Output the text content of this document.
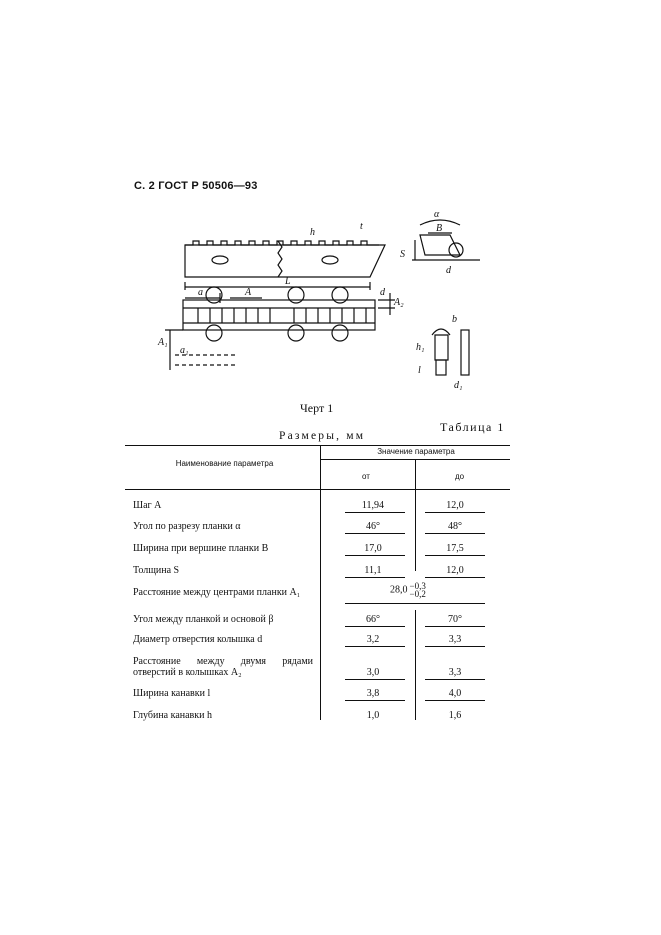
С. 2 ГОСТ Р 50506—93
h
t
L
a	A
A₁
a₁
d
A₂
α
B
S
d
b
h₁
l
d₁
Черт 1
Таблица 1
Размеры, мм
Наименование параметра
Значение параметра
от	до
Шаг A	11,94	12,0
Угол по разрезу планки α	46°	48°
Ширина при вершине планки B	17,0	17,5
Толщина S	11,1	12,0
Расстояние между центрами планки A₁	28,0 −0,3
−0,2
Угол между планкой и основой β	66°	70°
Диаметр отверстия колышка d	3,2	3,3
Расстояние между двумя рядами отверстий в колышках A₂	3,0	3,3
Ширина канавки l	3,8	4,0
Глубина канавки h	1,0	1,6
